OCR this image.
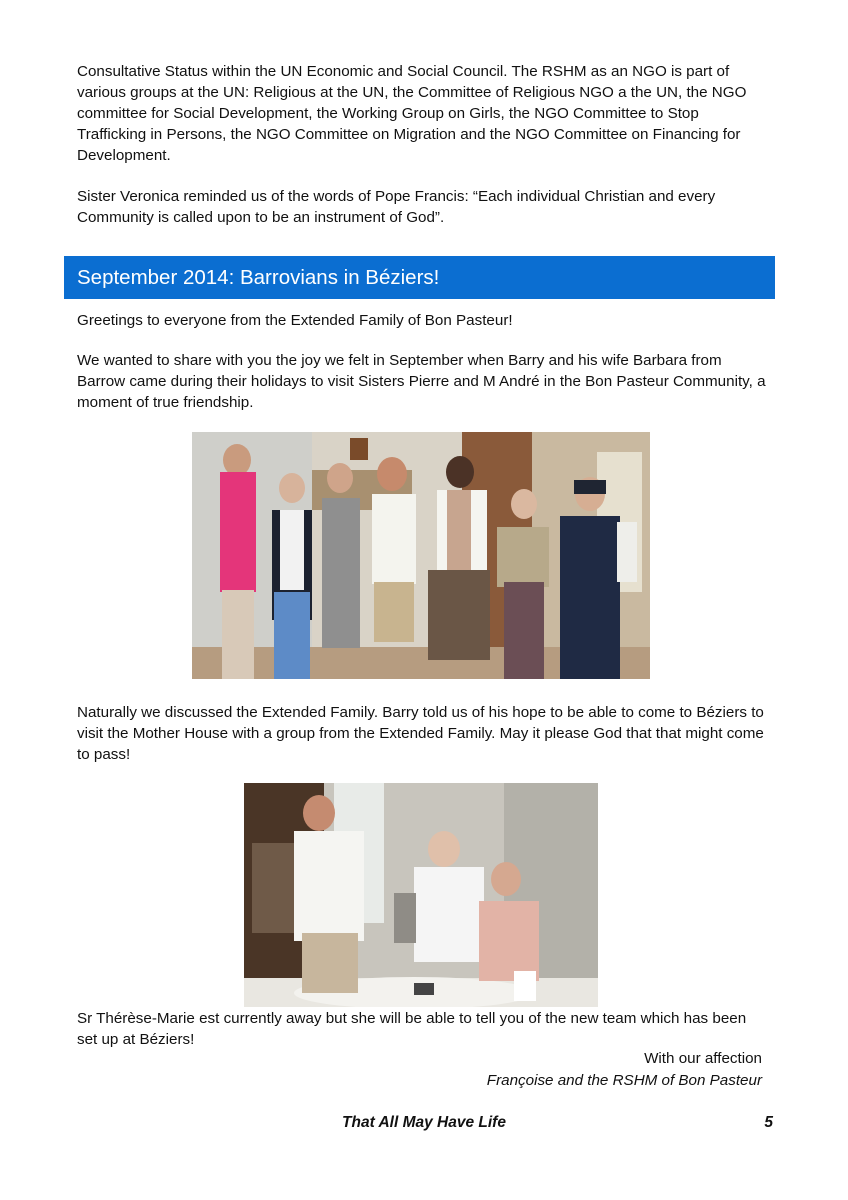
Consultative Status within the UN Economic and Social Council. The RSHM as an NGO is part of various groups at the UN: Religious at the UN, the Committee of Religious NGO a the UN, the NGO committee for Social Development, the Working Group on Girls, the NGO Committee to Stop Trafficking in Persons, the NGO Committee on Migration and the NGO Committee on Financing for Development.

Sister Veronica reminded us of the words of Pope Francis: “Each individual Christian and every Community is called upon to be an instrument of God”.

September 2014: Barrovians in Béziers!

Greetings to everyone from the Extended Family of Bon Pasteur!

We wanted to share with you the joy we felt in September when Barry and his wife Barbara from Barrow came during their holidays to visit Sisters Pierre and M André in the Bon Pasteur Community, a moment of true friendship.

Naturally we discussed the Extended Family. Barry told us of his hope to be able to come to Béziers to visit the Mother House with a group from the Extended Family. May it please God that that might come to pass!

Sr Thérèse-Marie est currently away but she will be able to tell you of the new team which has been set up at Béziers!

With our affection
Françoise and the RSHM of Bon Pasteur
That All May Have Life	5
